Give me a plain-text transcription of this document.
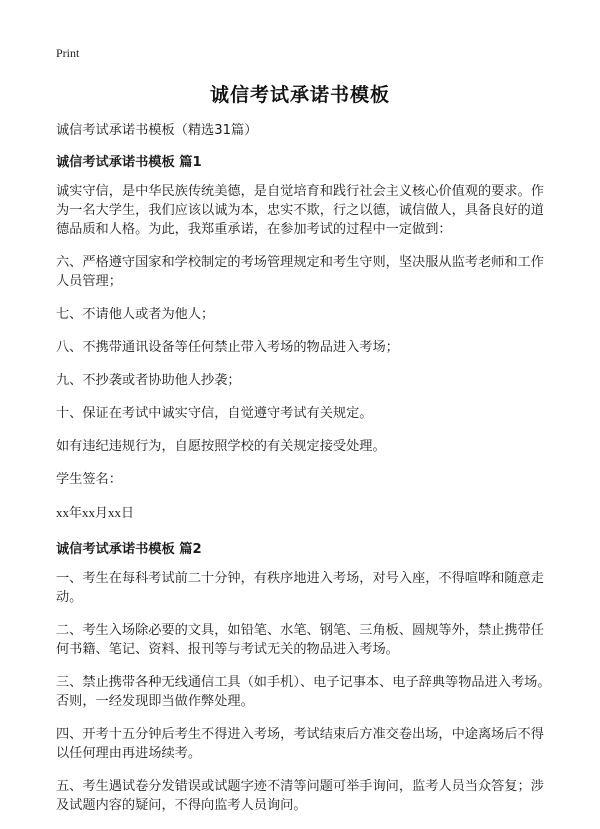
Print
诚信考试承诺书模板

诚信考试承诺书模板（精选31篇）

诚信考试承诺书模板 篇1

诚实守信，是中华民族传统美德，是自觉培育和践行社会主义核心价值观的要求。作为一名大学生，我们应该以诚为本，忠实不欺，行之以德，诚信做人，具备良好的道德品质和人格。为此，我郑重承诺，在参加考试的过程中一定做到：

六、严格遵守国家和学校制定的考场管理规定和考生守则，坚决服从监考老师和工作人员管理；

七、不请他人或者为他人；

八、不携带通讯设备等任何禁止带入考场的物品进入考场；

九、不抄袭或者协助他人抄袭；

十、保证在考试中诚实守信，自觉遵守考试有关规定。

如有违纪违规行为，自愿按照学校的有关规定接受处理。

学生签名：

xx年xx月xx日

诚信考试承诺书模板 篇2

一、考生在每科考试前二十分钟，有秩序地进入考场，对号入座，不得喧哗和随意走动。

二、考生入场除必要的文具，如铅笔、水笔、钢笔、三角板、圆规等外，禁止携带任何书籍、笔记、资料、报刊等与考试无关的物品进入考场。

三、禁止携带各种无线通信工具（如手机）、电子记事本、电子辞典等物品进入考场。否则，一经发现即当做作弊处理。

四、开考十五分钟后考生不得进入考场，考试结束后方准交卷出场，中途离场后不得以任何理由再进场续考。

五、考生遇试卷分发错误或试题字迹不清等问题可举手询问，监考人员当众答复；涉及试题内容的疑问，不得向监考人员询问。
